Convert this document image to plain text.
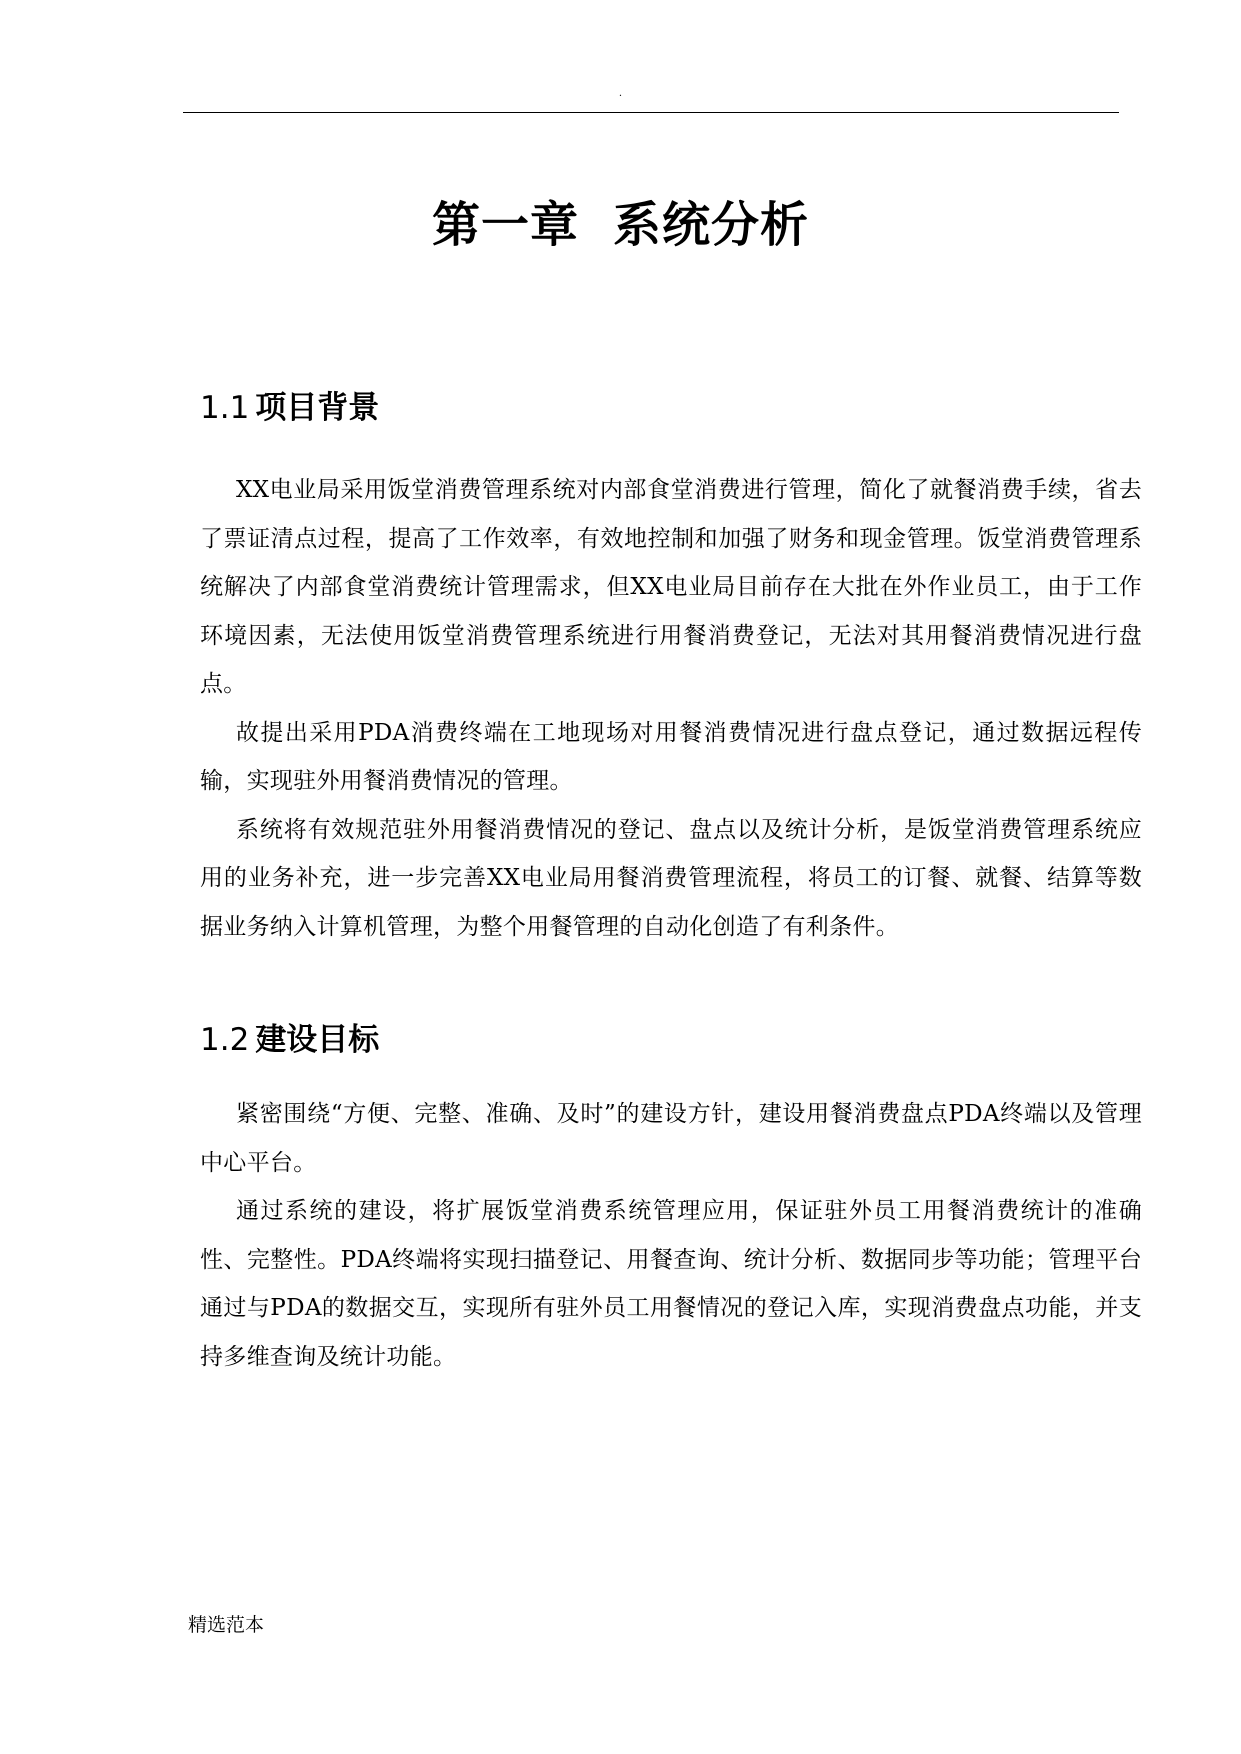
.
第一章 系统分析
1.1 项目背景

XX电业局采用饭堂消费管理系统对内部食堂消费进行管理，简化了就餐消费手续，省去了票证清点过程，提高了工作效率，有效地控制和加强了财务和现金管理。饭堂消费管理系统解决了内部食堂消费统计管理需求，但XX电业局目前存在大批在外作业员工，由于工作环境因素，无法使用饭堂消费管理系统进行用餐消费登记，无法对其用餐消费情况进行盘点。

故提出采用PDA消费终端在工地现场对用餐消费情况进行盘点登记，通过数据远程传输，实现驻外用餐消费情况的管理。

系统将有效规范驻外用餐消费情况的登记、盘点以及统计分析，是饭堂消费管理系统应用的业务补充，进一步完善XX电业局用餐消费管理流程，将员工的订餐、就餐、结算等数据业务纳入计算机管理，为整个用餐管理的自动化创造了有利条件。

1.2 建设目标

紧密围绕“方便、完整、准确、及时”的建设方针，建设用餐消费盘点PDA终端以及管理中心平台。

通过系统的建设，将扩展饭堂消费系统管理应用，保证驻外员工用餐消费统计的准确性、完整性。PDA终端将实现扫描登记、用餐查询、统计分析、数据同步等功能；管理平台通过与PDA的数据交互，实现所有驻外员工用餐情况的登记入库，实现消费盘点功能，并支持多维查询及统计功能。

精选范本
